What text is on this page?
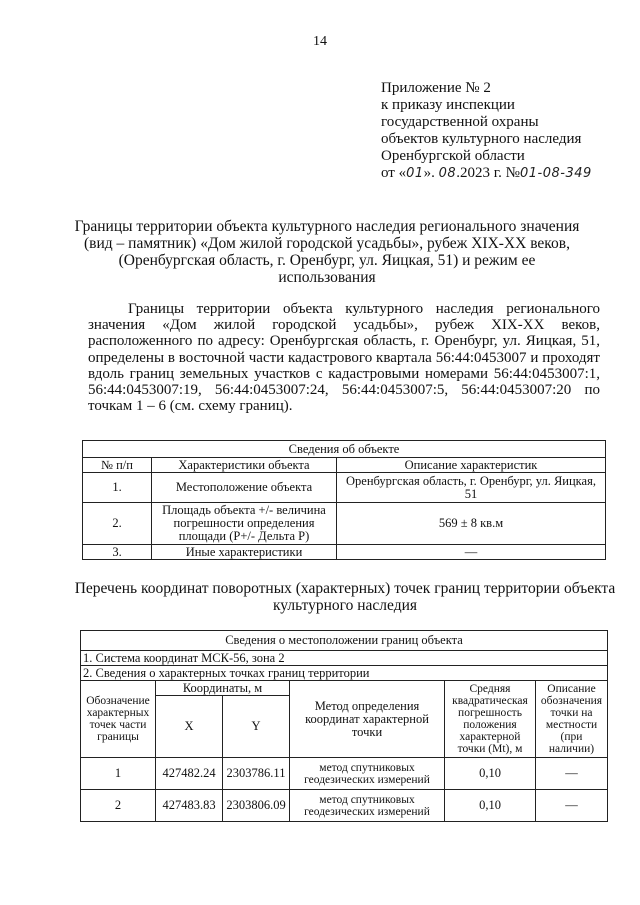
14
Приложение № 2
к приказу инспекции
государственной охраны
объектов культурного наследия
Оренбургской области
от «01». 08.2023 г. №01-08-349
Границы территории объекта культурного наследия регионального значения (вид – памятник) «Дом жилой городской усадьбы», рубеж XIX-XX веков, (Оренбургская область, г. Оренбург, ул. Яицкая, 51) и режим ее использования
Границы территории объекта культурного наследия регионального значения «Дом жилой городской усадьбы», рубеж XIX-XX веков, расположенного по адресу: Оренбургская область, г. Оренбург, ул. Яицкая, 51, определены в восточной части кадастрового квартала 56:44:0453007 и проходят вдоль границ земельных участков с кадастровыми номерами 56:44:0453007:1, 56:44:0453007:19, 56:44:0453007:24, 56:44:0453007:5, 56:44:0453007:20 по точкам 1 – 6 (см. схему границ).
Сведения об объекте		
№ п/п	Характеристики объекта	Описание характеристик
1.	Местоположение объекта	Оренбургская область, г. Оренбург, ул. Яицкая, 51
2.	Площадь объекта +/- величина погрешности определения площади (P+/- Дельта P)	569 ± 8 кв.м
3.	Иные характеристики	—
Перечень координат поворотных (характерных) точек границ территории объекта культурного наследия
Сведения о местоположении границ объекта					
1. Система координат МСК-56, зона 2					
2. Сведения о характерных точках границ территории					
Обозначение характерных точек части границы	Координаты, м		Метод определения координат характерной точки	Средняя квадратическая погрешность положения характерной точки (Mt), м	Описание обозначения точки на местности (при наличии)
	X	Y			
1	427482.24	2303786.11	метод спутниковых геодезических измерений	0,10	—
2	427483.83	2303806.09	метод спутниковых геодезических измерений	0,10	—
